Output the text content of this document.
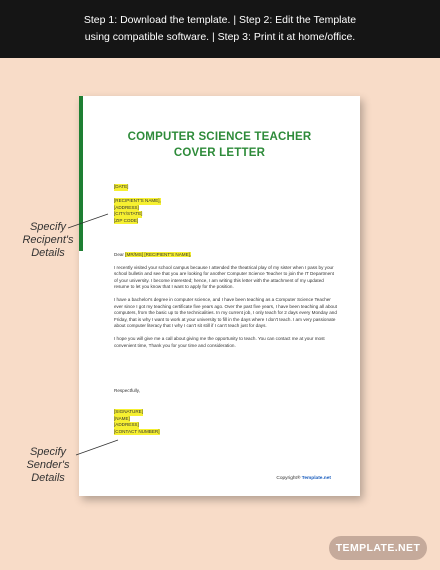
Step 1: Download the template. | Step 2: Edit the Template
using compatible software. | Step 3: Print it at home/office.
COMPUTER SCIENCE TEACHER
COVER LETTER
[DATE]
[RECIPIENT'S NAME],
[ADDRESS]
[CITY/STATE]
[ZIP CODE]

Dear [MR/MS] [RECIPIENT'S NAME],

I recently visited your school campus because I attended the theatrical play of my sister when I pass by your school bulletin and see that you are looking for another Computer Science Teacher to join the IT Department of your university. I become interested; hence, I am writing this letter with the attachment of my updated resume to let you know that I want to apply for the position.

I have a bachelor's degree in computer science, and I have been teaching as a Computer Science Teacher ever since I got my teaching certificate five years ago. Over the past five years, I have been teaching all about computers, from the basic up to the technicalities. In my current job, I only teach for 2 days every Monday and Friday, that is why I want to work at your university to fill in the days where I don't teach. I am very passionate about computer literacy that I why I can't sit still if I can't teach just for days.

I hope you will give me a call about giving me the opportunity to teach. You can contact me at your most convenient time, Thank you for your time and consideration.

Respectfully,
[SIGNATURE]
[NAME]
[ADDRESS]
[CONTACT NUMBER]
Copyright® Template.net
Specify
Recipent's
Details
Specify
Sender's
Details
TEMPLATE.NET
